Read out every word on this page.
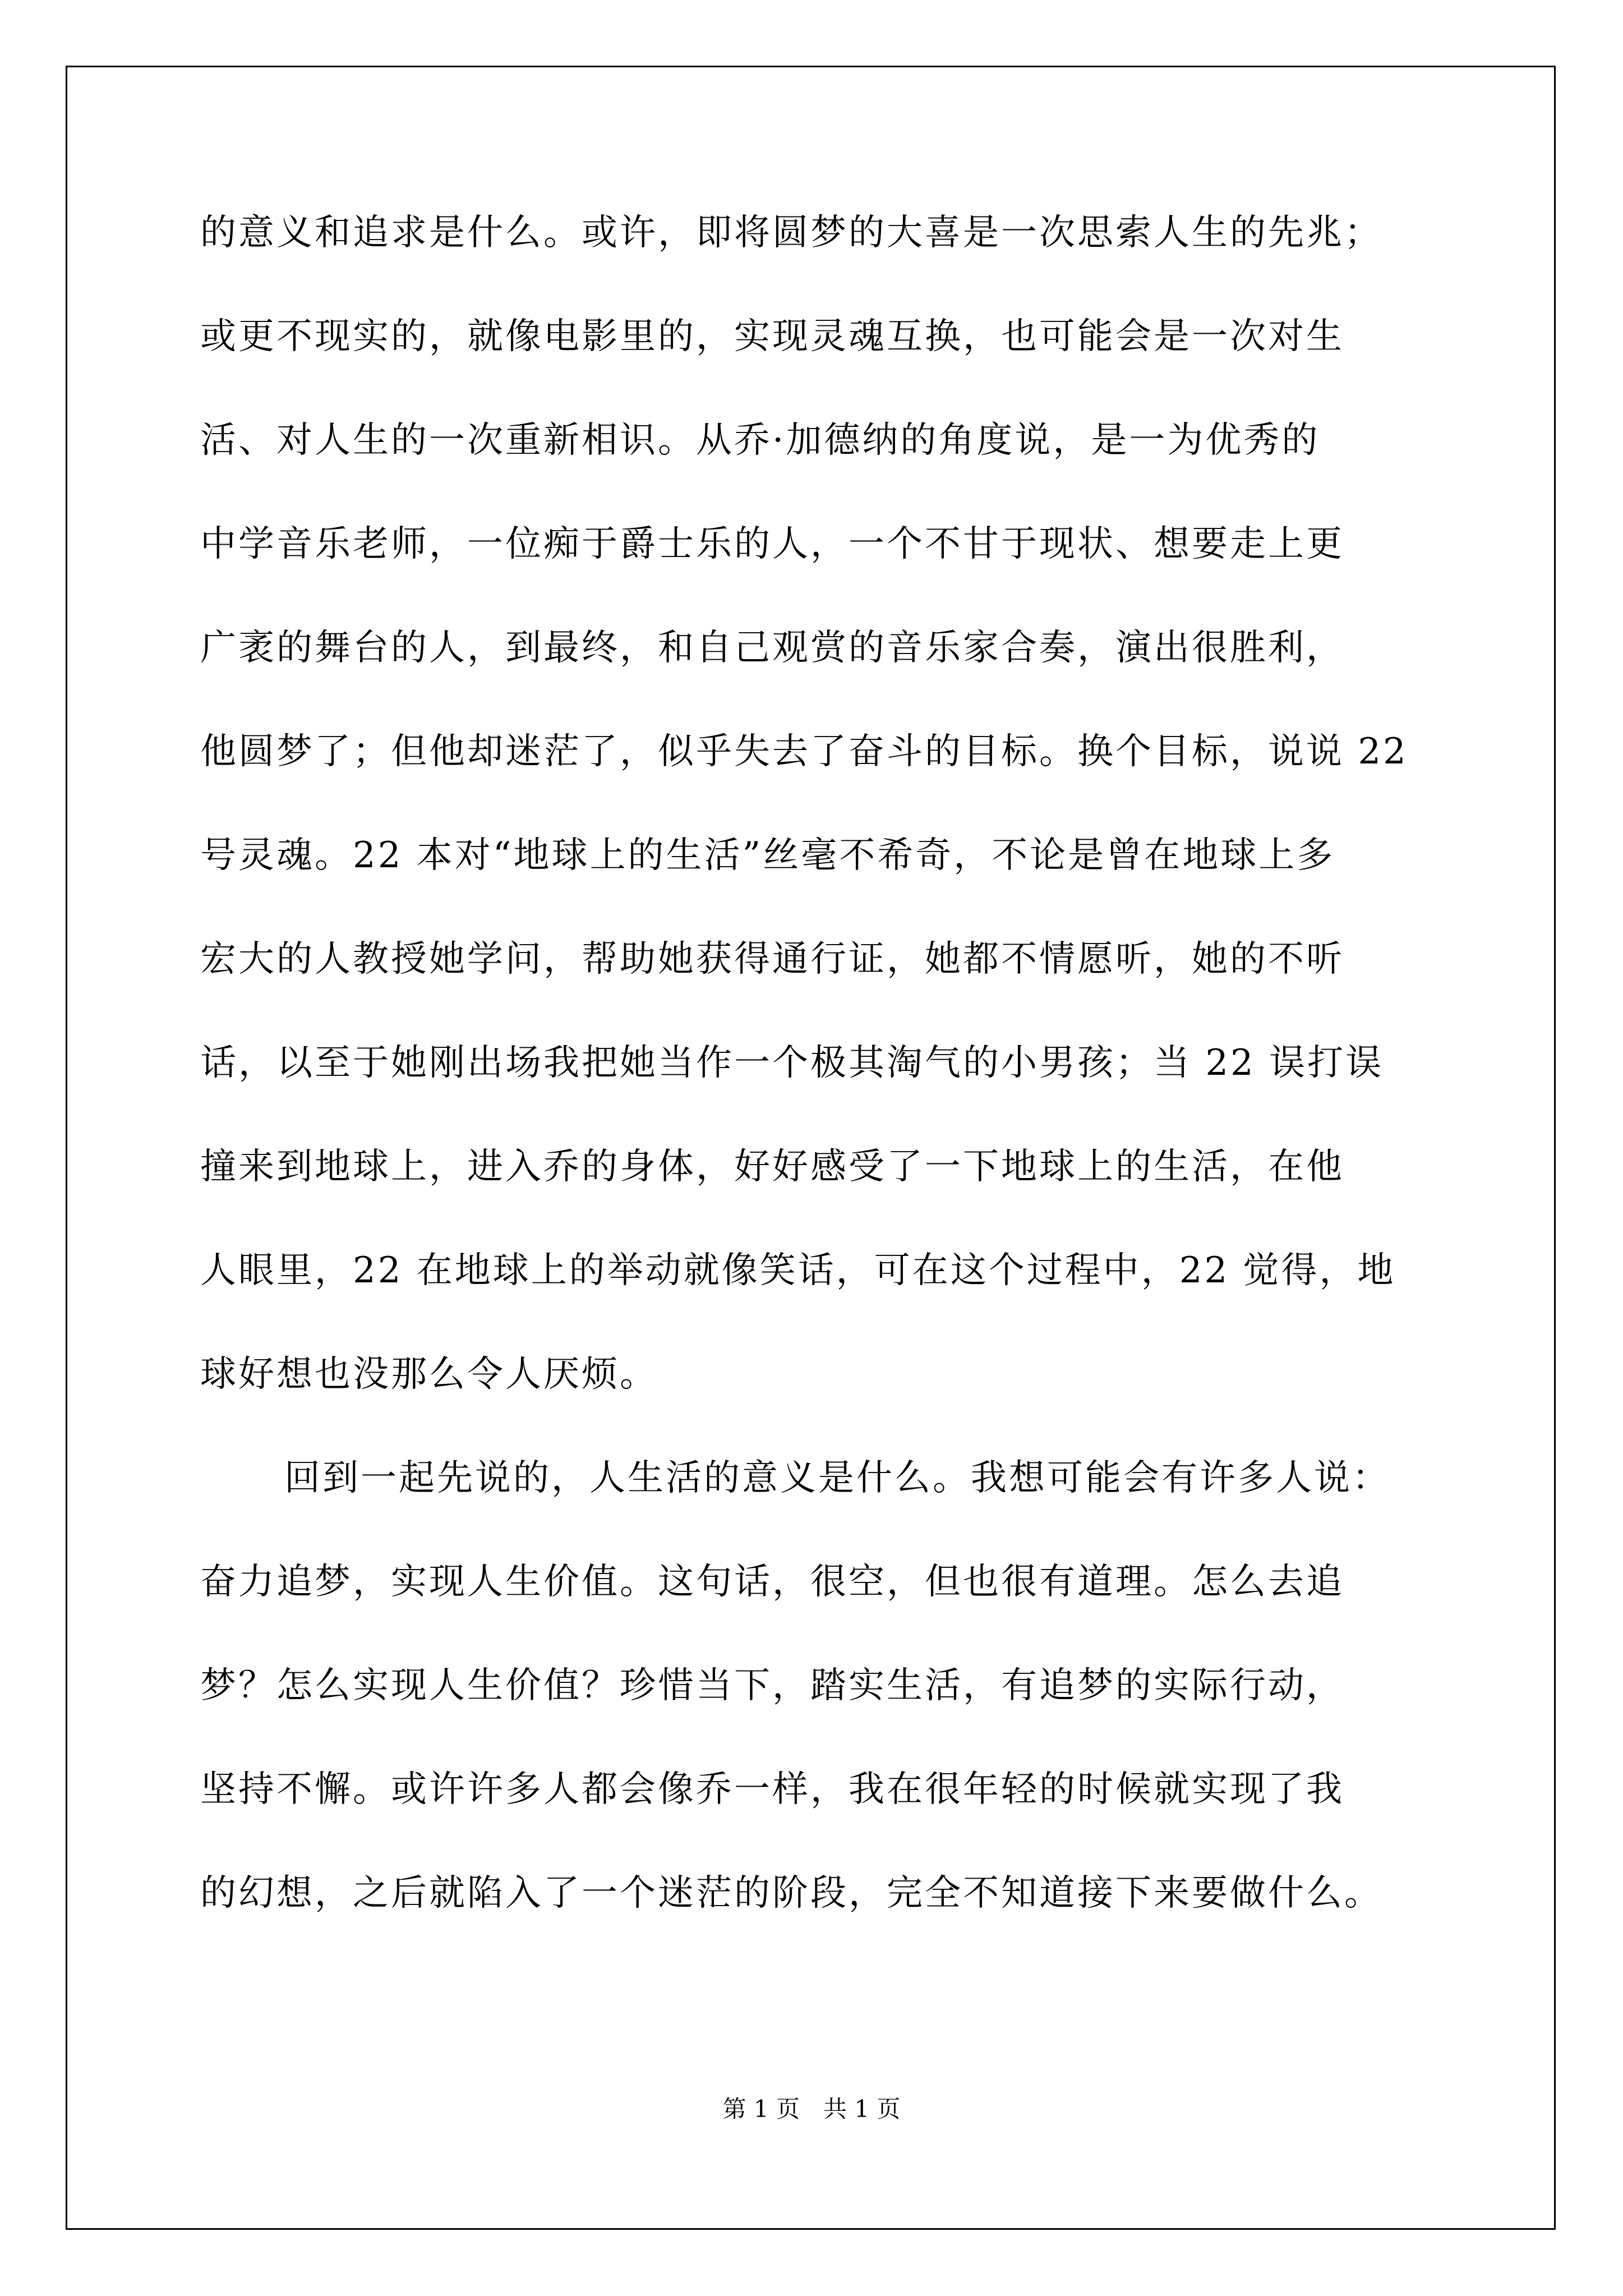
的意义和追求是什么。或许，即将圆梦的大喜是一次思索人生的先兆；
或更不现实的，就像电影里的，实现灵魂互换，也可能会是一次对生
活、对人生的一次重新相识。从乔·加德纳的角度说，是一为优秀的
中学音乐老师，一位痴于爵士乐的人，一个不甘于现状、想要走上更
广袤的舞台的人，到最终，和自己观赏的音乐家合奏，演出很胜利，
他圆梦了；但他却迷茫了，似乎失去了奋斗的目标。换个目标，说说 22
号灵魂。22 本对“地球上的生活”丝毫不希奇，不论是曾在地球上多
宏大的人教授她学问，帮助她获得通行证，她都不情愿听，她的不听
话，以至于她刚出场我把她当作一个极其淘气的小男孩；当 22 误打误
撞来到地球上，进入乔的身体，好好感受了一下地球上的生活，在他
人眼里，22 在地球上的举动就像笑话，可在这个过程中，22 觉得，地
球好想也没那么令人厌烦。
回到一起先说的，人生活的意义是什么。我想可能会有许多人说：
奋力追梦，实现人生价值。这句话，很空，但也很有道理。怎么去追
梦？怎么实现人生价值？珍惜当下，踏实生活，有追梦的实际行动，
坚持不懈。或许许多人都会像乔一样，我在很年轻的时候就实现了我
的幻想，之后就陷入了一个迷茫的阶段，完全不知道接下来要做什么。
第 1 页　共 1 页
